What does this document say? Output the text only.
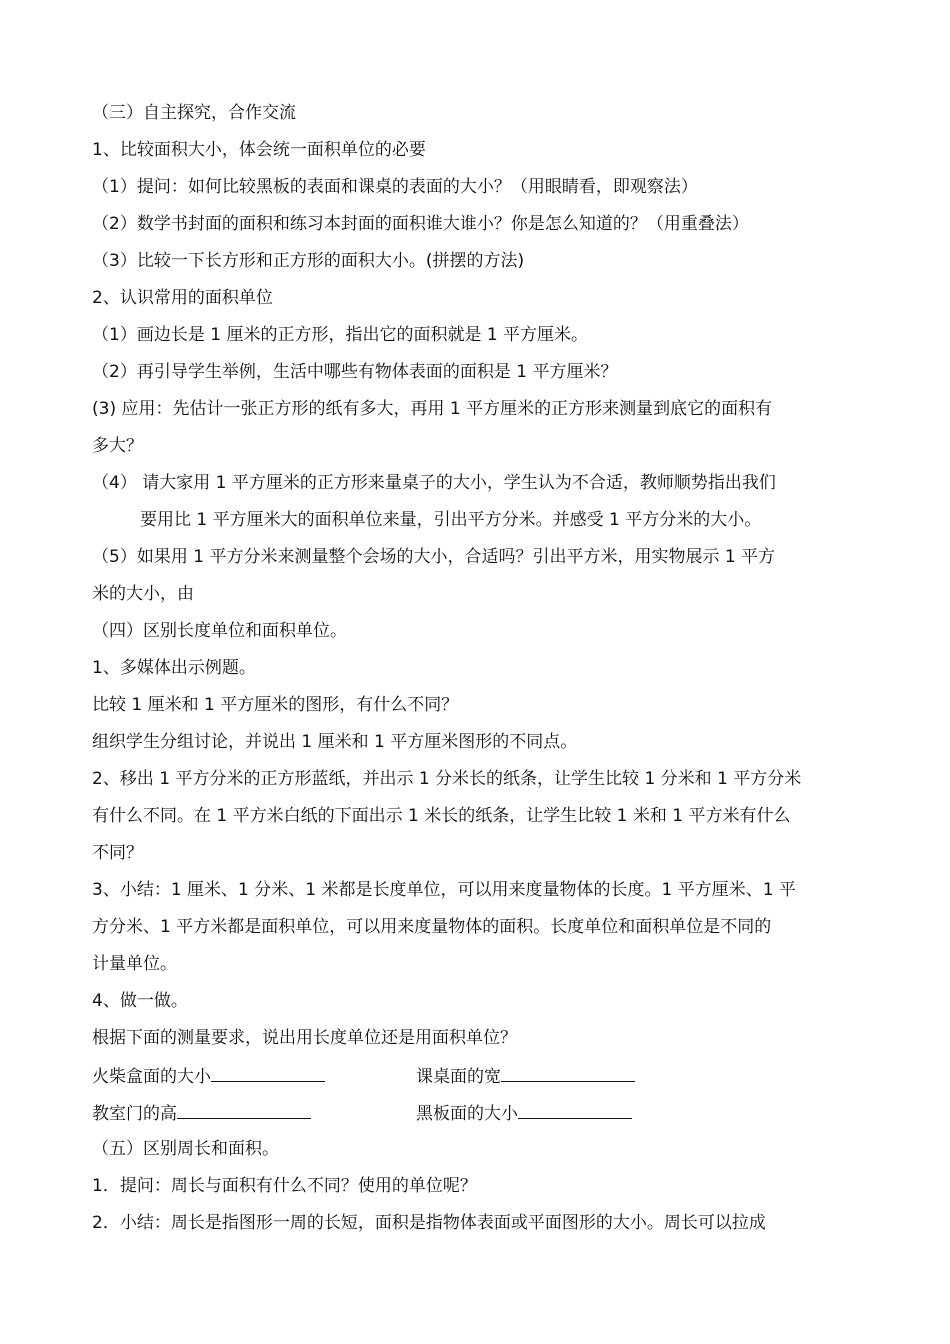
（三）自主探究，合作交流
1、比较面积大小，体会统一面积单位的必要
（1）提问：如何比较黑板的表面和课桌的表面的大小？（用眼睛看，即观察法）
（2）数学书封面的面积和练习本封面的面积谁大谁小？你是怎么知道的？（用重叠法）
（3）比较一下长方形和正方形的面积大小。(拼摆的方法)
2、认识常用的面积单位
（1）画边长是 1 厘米的正方形，指出它的面积就是 1 平方厘米。
（2）再引导学生举例，生活中哪些有物体表面的面积是 1 平方厘米？
(3) 应用：先估计一张正方形的纸有多大，再用 1 平方厘米的正方形来测量到底它的面积有
多大？
（4） 请大家用 1 平方厘米的正方形来量桌子的大小，学生认为不合适，教师顺势指出我们
要用比 1 平方厘米大的面积单位来量，引出平方分米。并感受 1 平方分米的大小。
（5）如果用 1 平方分米来测量整个会场的大小，合适吗？引出平方米，用实物展示 1 平方
米的大小，由
（四）区别长度单位和面积单位。
1、多媒体出示例题。
比较 1 厘米和 1 平方厘米的图形，有什么不同？
组织学生分组讨论，并说出 1 厘米和 1 平方厘米图形的不同点。
2、移出 1 平方分米的正方形蓝纸，并出示 1 分米长的纸条，让学生比较 1 分米和 1 平方分米
有什么不同。在 1 平方米白纸的下面出示 1 米长的纸条，让学生比较 1 米和 1 平方米有什么
不同？
3、小结：1 厘米、1 分米、1 米都是长度单位，可以用来度量物体的长度。1 平方厘米、1 平
方分米、1 平方米都是面积单位，可以用来度量物体的面积。长度单位和面积单位是不同的
计量单位。
4、做一做。
根据下面的测量要求，说出用长度单位还是用面积单位？
火柴盒面的大小	课桌面的宽
教室门的高	黑板面的大小
（五）区别周长和面积。
1．提问：周长与面积有什么不同？使用的单位呢？
2．小结：周长是指图形一周的长短，面积是指物体表面或平面图形的大小。周长可以拉成
